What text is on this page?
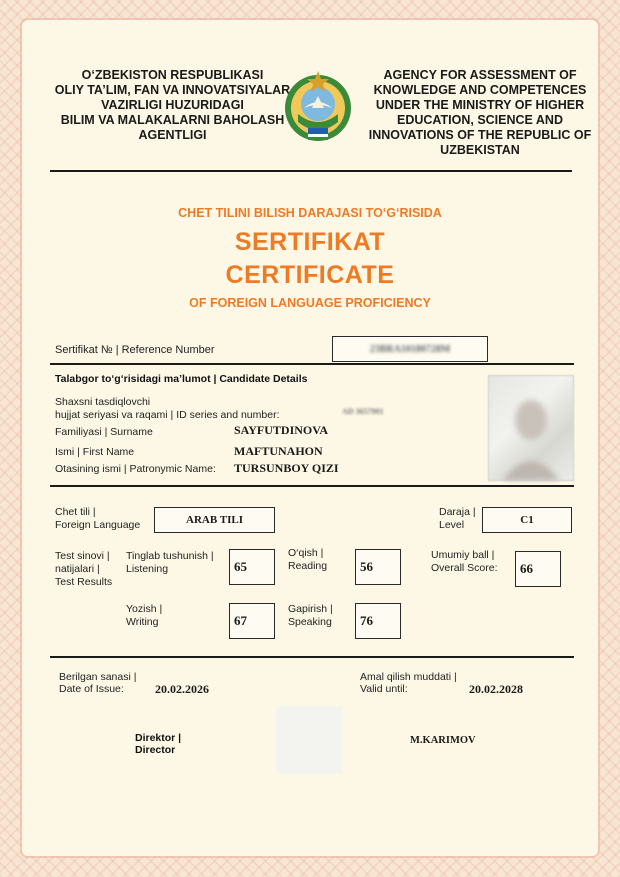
O‘ZBEKISTON RESPUBLIKASI
OLIY TA’LIM, FAN VA INNOVATSIYALAR
VAZIRLIGI HUZURIDAGI
BILIM VA MALAKALARNI BAHOLASH
AGENTLIGI
AGENCY FOR ASSESSMENT OF
KNOWLEDGE AND COMPETENCES
UNDER THE MINISTRY OF HIGHER
EDUCATION, SCIENCE AND
INNOVATIONS OF THE REPUBLIC OF
UZBEKISTAN
CHET TILINI BILISH DARAJASI TO‘G‘RISIDA
SERTIFIKAT
CERTIFICATE
OF FOREIGN LANGUAGE PROFICIENCY
Sertifikat № | Reference Number	23BRA10180728M
Talabgor to‘g‘risidagi ma’lumot | Candidate Details
Shaxsni tasdiqlovchi
hujjat seriyasi va raqami | ID series and number:	AD 3657901
Familiyasi | Surname	SAYFUTDINOVA
Ismi | First Name	MAFTUNAHON
Otasining ismi | Patronymic Name: TURSUNBOY QIZI
Chet tili |
Foreign Language	ARAB TILI
Daraja |
Level	C1
Test sinovi |
natijalari |
Test Results
Tinglab tushunish |
Listening	65
O‘qish |
Reading	56
Umumiy ball |
Overall Score: 66
Yozish |
Writing	67
Gapirish |
Speaking 76
Berilgan sanasi |
Date of Issue:	20.02.2026
Amal qilish muddati |
Valid until:	20.02.2028
Direktor |
Director
M.KARIMOV
